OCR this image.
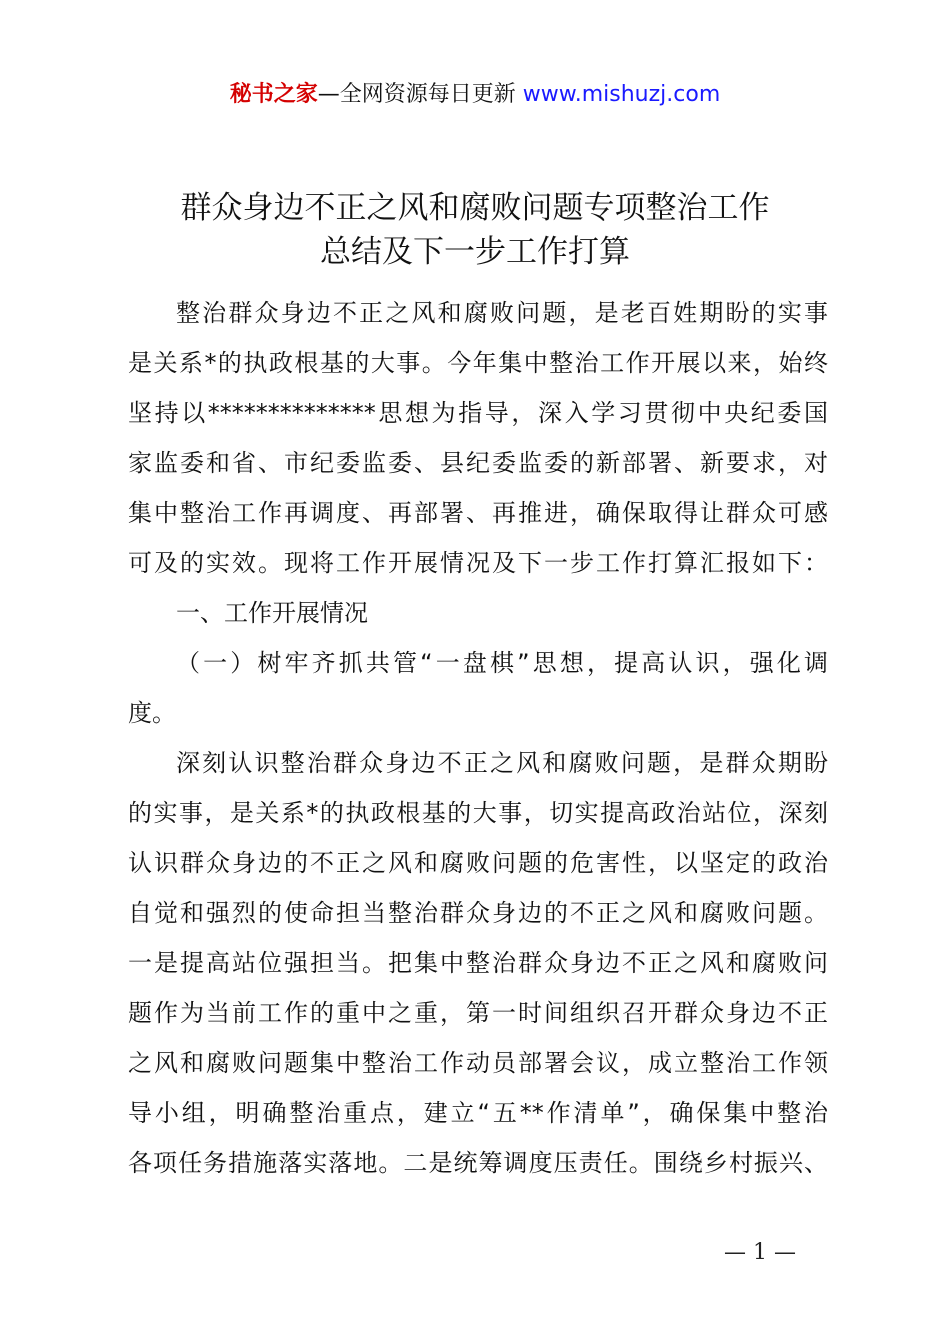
秘书之家—全网资源每日更新 www.mishuzj.com
群众身边不正之风和腐败问题专项整治工作
总结及下一步工作打算
整治群众身边不正之风和腐败问题，是老百姓期盼的实事
是关系*的执政根基的大事。今年集中整治工作开展以来，始终
坚持以**************思想为指导，深入学习贯彻中央纪委国
家监委和省、市纪委监委、县纪委监委的新部署、新要求，对
集中整治工作再调度、再部署、再推进，确保取得让群众可感
可及的实效。现将工作开展情况及下一步工作打算汇报如下：
一、工作开展情况
（一）树牢齐抓共管“一盘棋”思想，提高认识，强化调
度。
深刻认识整治群众身边不正之风和腐败问题，是群众期盼
的实事，是关系*的执政根基的大事，切实提高政治站位，深刻
认识群众身边的不正之风和腐败问题的危害性，以坚定的政治
自觉和强烈的使命担当整治群众身边的不正之风和腐败问题。
一是提高站位强担当。把集中整治群众身边不正之风和腐败问
题作为当前工作的重中之重，第一时间组织召开群众身边不正
之风和腐败问题集中整治工作动员部署会议，成立整治工作领
导小组，明确整治重点，建立“五**作清单”，确保集中整治
各项任务措施落实落地。二是统筹调度压责任。围绕乡村振兴、
— 1 —
